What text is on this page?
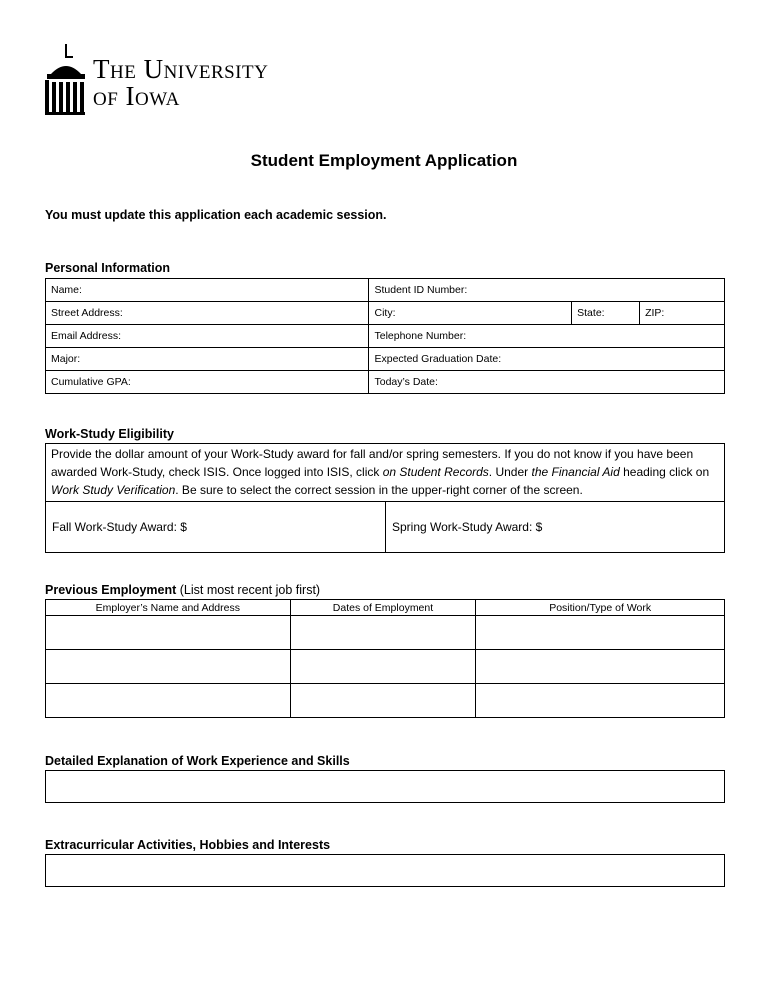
The University
of Iowa
Student Employment Application
You must update this application each academic session.
Personal Information
Name:	Student ID Number:		
Street Address:	City:	State:	ZIP:
Email Address:	Telephone Number:		
Major:	Expected Graduation Date:		
Cumulative GPA:	Today’s Date:		
Work-Study Eligibility
Provide the dollar amount of your Work-Study award for fall and/or spring semesters. If you do not know if you have been awarded Work-Study, check ISIS. Once logged into ISIS, click on Student Records. Under the Financial Aid heading click on Work Study Verification. Be sure to select the correct session in the upper-right corner of the screen.
Fall Work-Study Award: $	Spring Work-Study Award: $
Previous Employment (List most recent job first)
Employer’s Name and Address	Dates of Employment	Position/Type of Work

Detailed Explanation of Work Experience and Skills
Extracurricular Activities, Hobbies and Interests
